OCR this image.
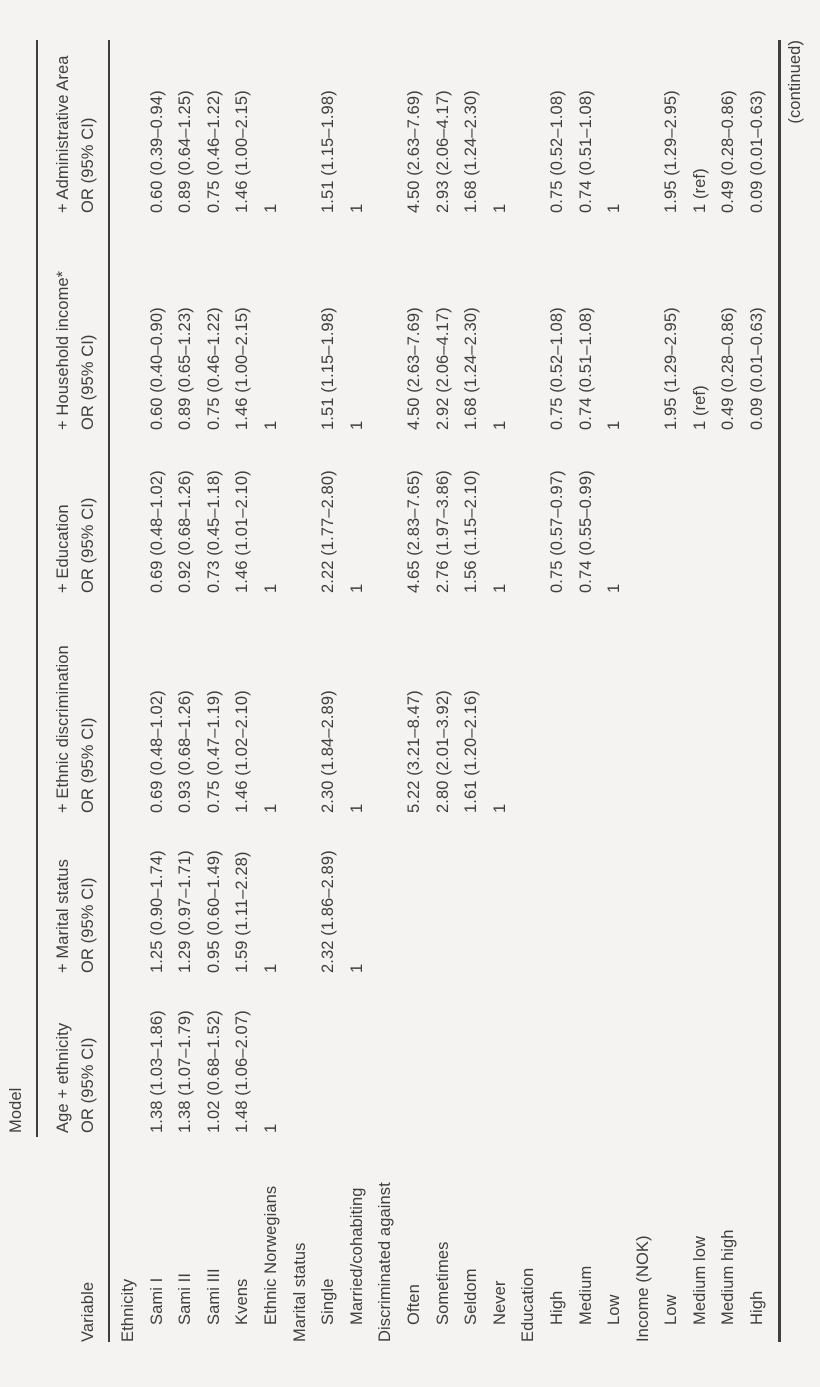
Model
Variable
Age + ethnicity OR (95% CI)
+ Marital status OR (95% CI)
+ Ethnic discrimination OR (95% CI)
+ Education OR (95% CI)
+ Household income* OR (95% CI)
+ Administrative Area OR (95% CI)
Ethnicity Sami I
1.38 (1.03–1.86)
1.25 (0.90–1.74)
0.69 (0.48–1.02)
0.69 (0.48–1.02)
0.60 (0.40–0.90)
0.60 (0.39–0.94)
Sami II
1.38 (1.07–1.79)
1.29 (0.97–1.71)
0.93 (0.68–1.26)
0.92 (0.68–1.26)
0.89 (0.65–1.23)
0.89 (0.64–1.25)
Sami III
1.02 (0.68–1.52)
0.95 (0.60–1.49)
0.75 (0.47–1.19)
0.73 (0.45–1.18)
0.75 (0.46–1.22)
0.75 (0.46–1.22)
Kvens
1.48 (1.06–2.07)
1.59 (1.11–2.28)
1.46 (1.02–2.10)
1.46 (1.01–2.10)
1.46 (1.00–2.15)
1.46 (1.00–2.15)
Ethnic Norwegians
1
1
1
1
1
1
Marital status Single
2.32 (1.86–2.89)
2.30 (1.84–2.89)
2.22 (1.77–2.80)
1.51 (1.15–1.98)
1.51 (1.15–1.98)
Married/cohabiting
1
1
1
1
1
Discriminated against Often
5.22 (3.21–8.47)
4.65 (2.83–7.65)
4.50 (2.63–7.69)
4.50 (2.63–7.69)
Sometimes
2.80 (2.01–3.92)
2.76 (1.97–3.86)
2.92 (2.06–4.17)
2.93 (2.06–4.17)
Seldom
1.61 (1.20–2.16)
1.56 (1.15–2.10)
1.68 (1.24–2.30)
1.68 (1.24–2.30)
Never
1
1
1
1
Education High
0.75 (0.57–0.97)
0.75 (0.52–1.08)
0.75 (0.52–1.08)
Medium
0.74 (0.55–0.99)
0.74 (0.51–1.08)
0.74 (0.51–1.08)
Low
1
1
1
Income (NOK) Low
1.95 (1.29–2.95)
1.95 (1.29–2.95)
Medium low
1 (ref)
1 (ref)
Medium high
0.49 (0.28–0.86)
0.49 (0.28–0.86)
High
0.09 (0.01–0.63)
0.09 (0.01–0.63)
(continued)
